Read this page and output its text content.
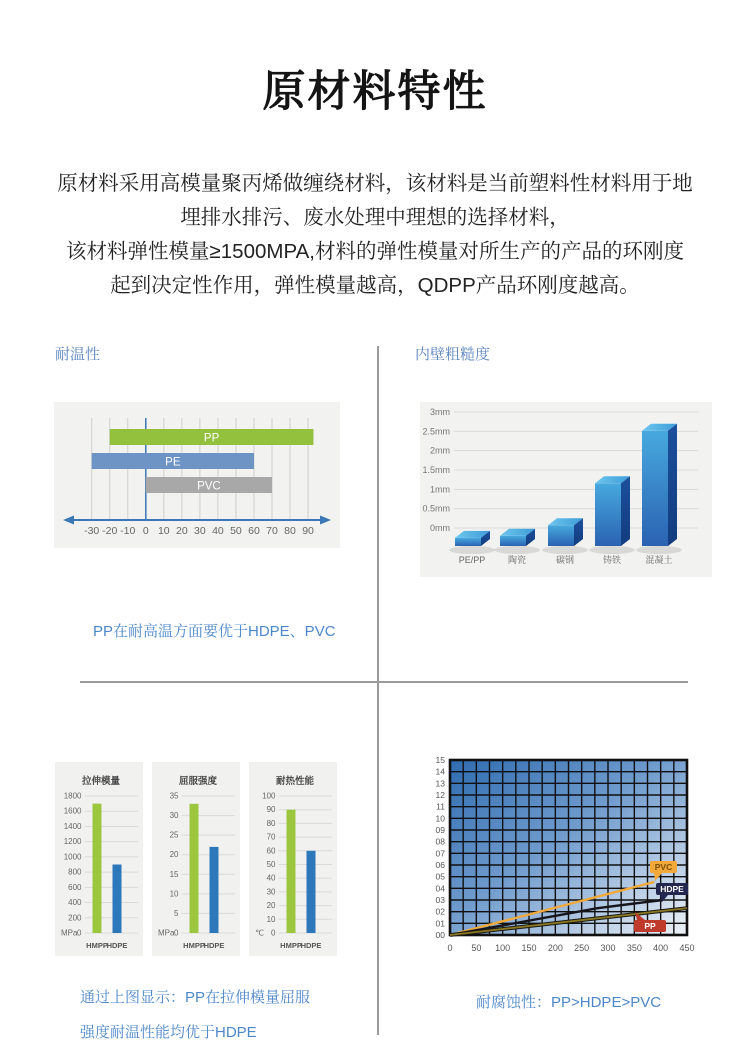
原材料特性
原材料采用高模量聚丙烯做缠绕材料，该材料是当前塑料性材料用于地
埋排水排污、废水处理中理想的选择材料，
该材料弹性模量≥1500MPA,材料的弹性模量对所生产的产品的环刚度
起到决定性作用，弹性模量越高，QDPP产品环刚度越高。
耐温性
-30 -20 -10 0 10 20 30 40 50 60 70 80 90
PP
PE
PVC
PP在耐高温方面要优于HDPE、PVC
内壁粗糙度
3mm
2.5mm
2mm
1.5mm
1mm
0.5mm
0mm
PE/PP	陶瓷	碳钢	铸铁	混凝土
拉伸模量
1800
1600
1400
1200
1000
800
600
400
200
0
MPa
HMPP
HDPE
屈服强度
35
30
25
20
15
10
5
0
MPa
HMPP
HDPE
耐热性能
100
90
80
70
60
50
40
30
20
10
0
℃
HMPP
HDPE
通过上图显示：PP在拉伸模量屈服
强度耐温性能均优于HDPE
15
14
13
12
11
10
09
08
07
06
05
04
03
02
01
00
0 50 100 150 200 250 300 350 400 450
PVC
HDPE
PP
耐腐蚀性：PP>HDPE>PVC
